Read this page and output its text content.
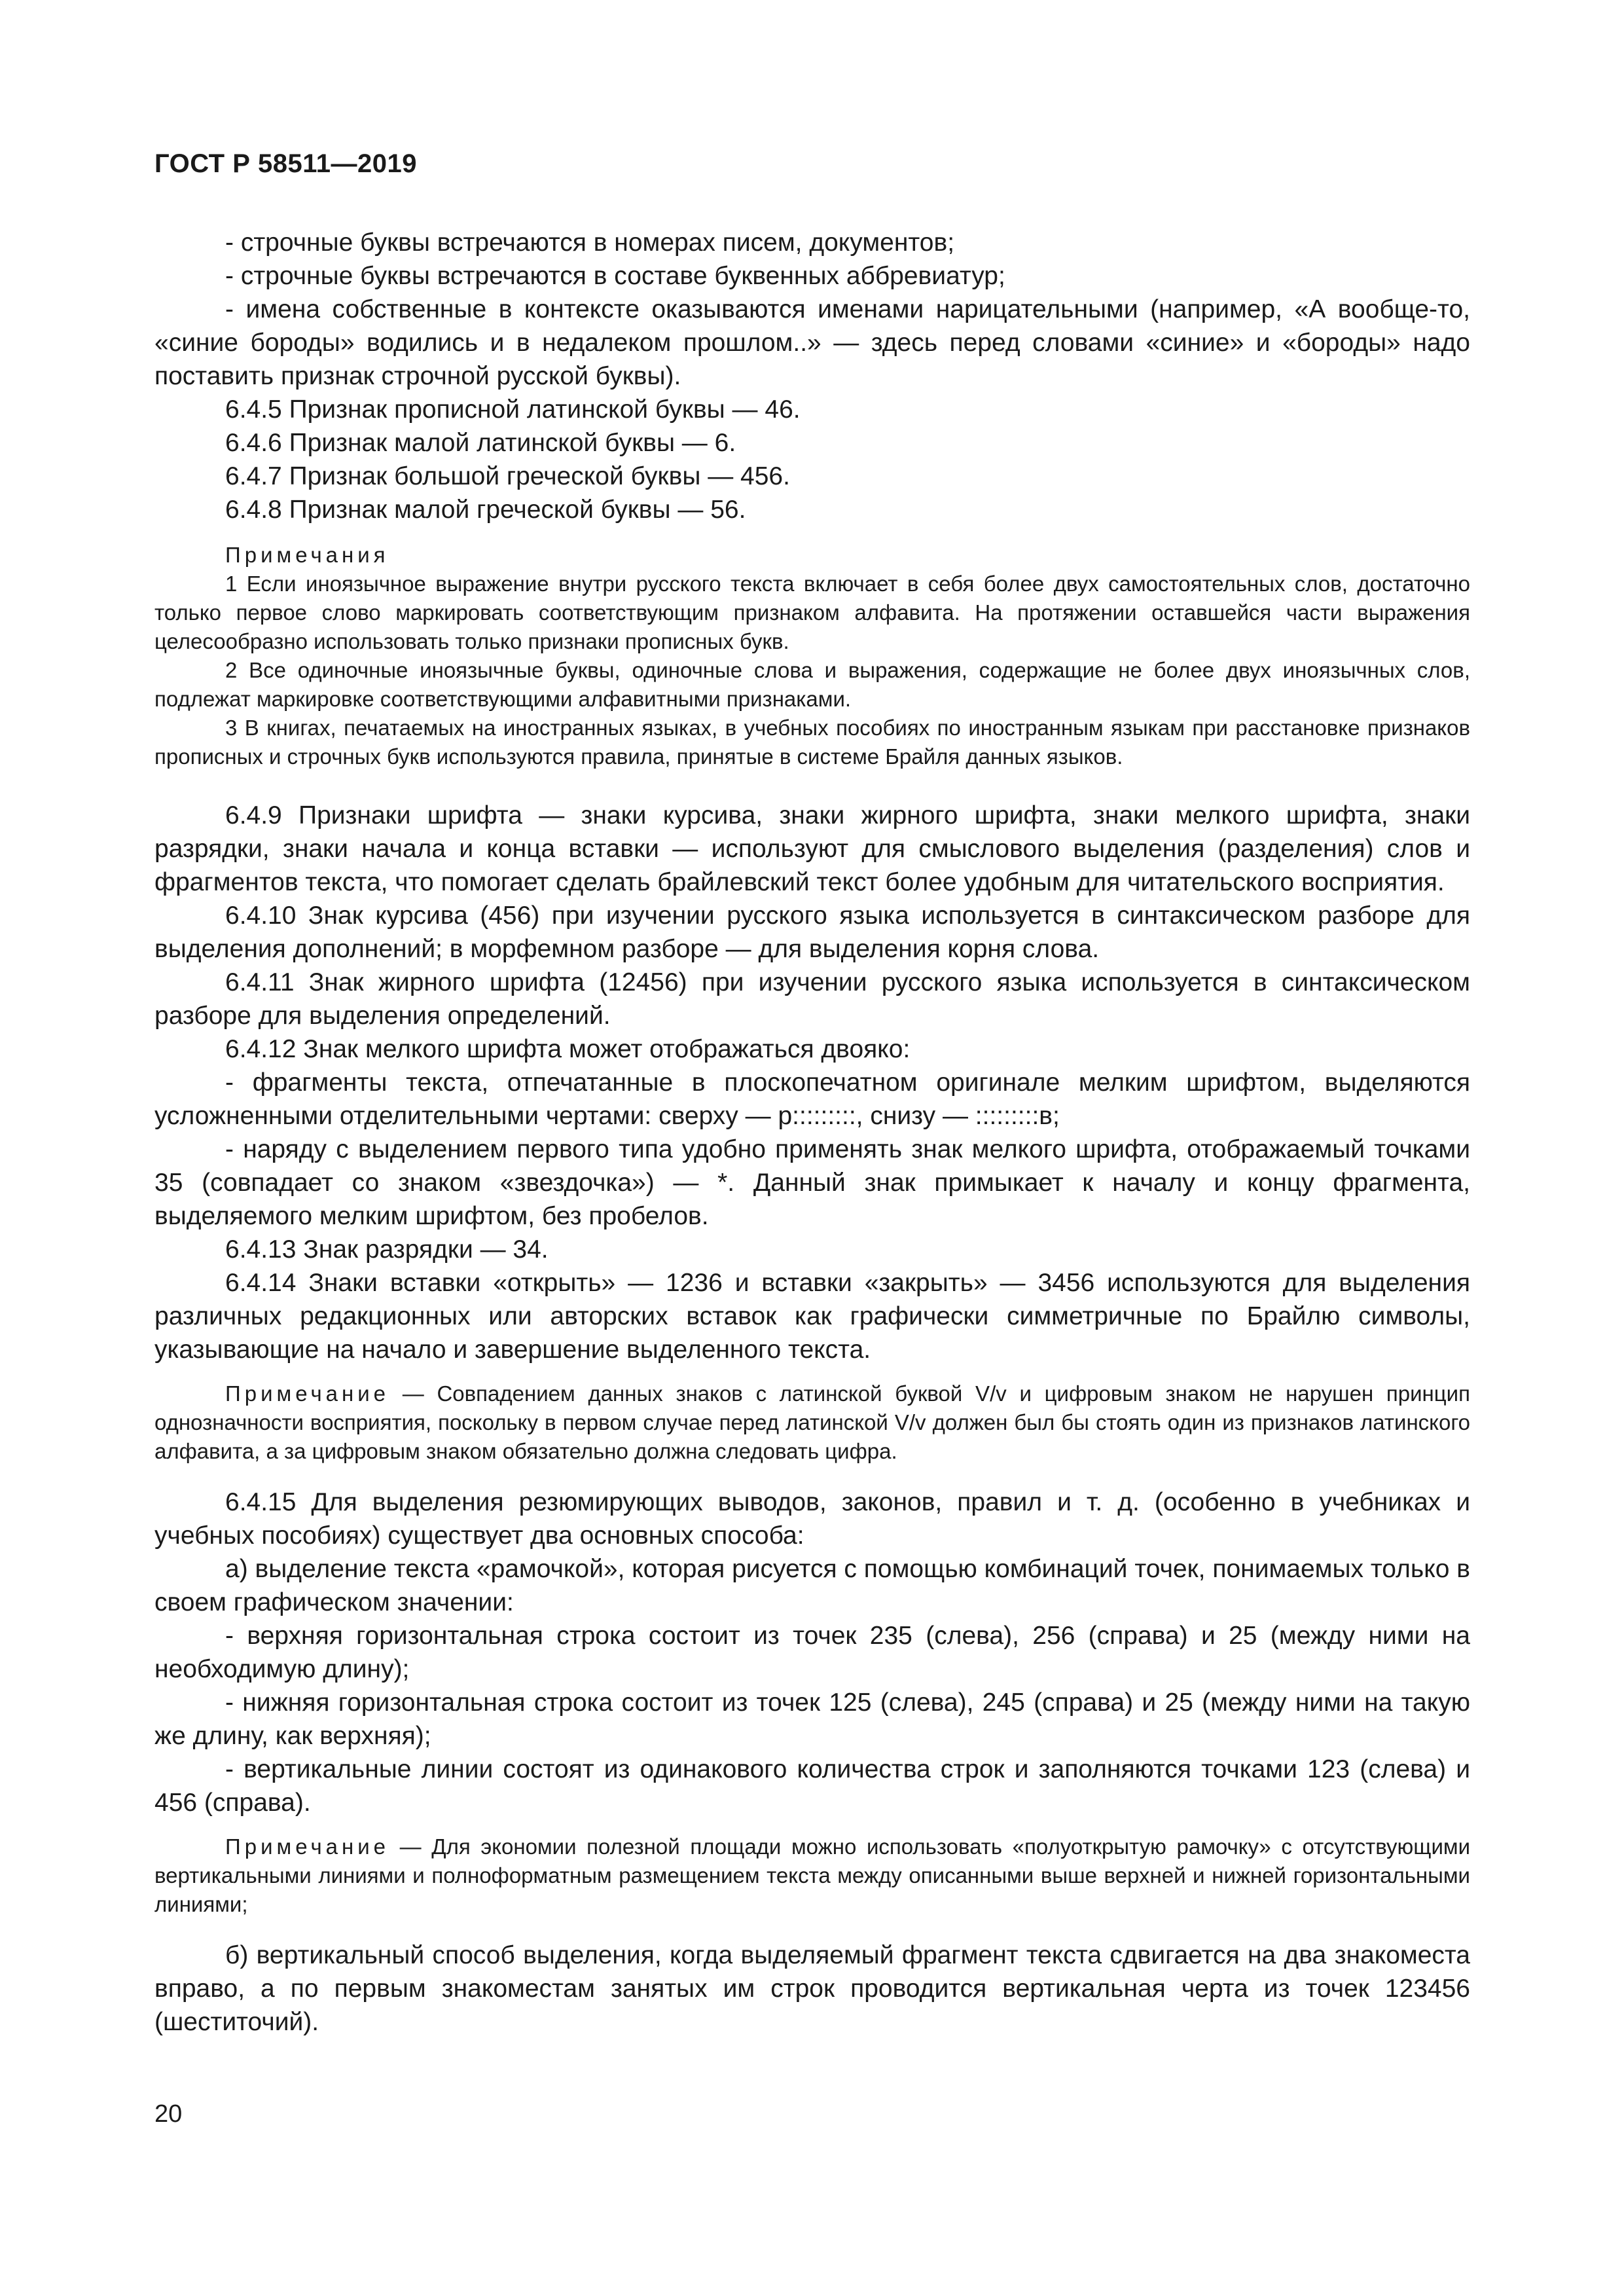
ГОСТ Р 58511—2019

- строчные буквы встречаются в номерах писем, документов;

- строчные буквы встречаются в составе буквенных аббревиатур;

- имена собственные в контексте оказываются именами нарицательными (например, «А вообще-то, «синие бороды» водились и в недалеком прошлом..» — здесь перед словами «синие» и «бороды» надо поставить признак строчной русской буквы).

6.4.5 Признак прописной латинской буквы — 46.

6.4.6 Признак малой латинской буквы — 6.

6.4.7 Признак большой греческой буквы — 456.

6.4.8 Признак малой греческой буквы — 56.

Примечания

1 Если иноязычное выражение внутри русского текста включает в себя более двух самостоятельных слов, достаточно только первое слово маркировать соответствующим признаком алфавита. На протяжении оставшейся части выражения целесообразно использовать только признаки прописных букв.

2 Все одиночные иноязычные буквы, одиночные слова и выражения, содержащие не более двух иноязычных слов, подлежат маркировке соответствующими алфавитными признаками.

3 В книгах, печатаемых на иностранных языках, в учебных пособиях по иностранным языкам при расстановке признаков прописных и строчных букв используются правила, принятые в системе Брайля данных языков.

6.4.9 Признаки шрифта — знаки курсива, знаки жирного шрифта, знаки мелкого шрифта, знаки разрядки, знаки начала и конца вставки — используют для смыслового выделения (разделения) слов и фрагментов текста, что помогает сделать брайлевский текст более удобным для читательского восприятия.

6.4.10 Знак курсива (456) при изучении русского языка используется в синтаксическом разборе для выделения дополнений; в морфемном разборе — для выделения корня слова.

6.4.11 Знак жирного шрифта (12456) при изучении русского языка используется в синтаксическом разборе для выделения определений.

6.4.12 Знак мелкого шрифта может отображаться двояко:

- фрагменты текста, отпечатанные в плоскопечатном оригинале мелким шрифтом, выделяются усложненными отделительными чертами: сверху — р:::::::::, снизу — :::::::::в;

- наряду с выделением первого типа удобно применять знак мелкого шрифта, отображаемый точками 35 (совпадает со знаком «звездочка») — *. Данный знак примыкает к началу и концу фрагмента, выделяемого мелким шрифтом, без пробелов.

6.4.13 Знак разрядки — 34.

6.4.14 Знаки вставки «открыть» — 1236 и вставки «закрыть» — 3456 используются для выделения различных редакционных или авторских вставок как графически симметричные по Брайлю символы, указывающие на начало и завершение выделенного текста.

Примечание — Совпадением данных знаков с латинской буквой V/v и цифровым знаком не нарушен принцип однозначности восприятия, поскольку в первом случае перед латинской V/v должен был бы стоять один из признаков латинского алфавита, а за цифровым знаком обязательно должна следовать цифра.

6.4.15 Для выделения резюмирующих выводов, законов, правил и т. д. (особенно в учебниках и учебных пособиях) существует два основных способа:

а) выделение текста «рамочкой», которая рисуется с помощью комбинаций точек, понимаемых только в своем графическом значении:

- верхняя горизонтальная строка состоит из точек 235 (слева), 256 (справа) и 25 (между ними на необходимую длину);

- нижняя горизонтальная строка состоит из точек 125 (слева), 245 (справа) и 25 (между ними на такую же длину, как верхняя);

- вертикальные линии состоят из одинакового количества строк и заполняются точками 123 (слева) и 456 (справа).

Примечание — Для экономии полезной площади можно использовать «полуоткрытую рамочку» с отсутствующими вертикальными линиями и полноформатным размещением текста между описанными выше верхней и нижней горизонтальными линиями;

б) вертикальный способ выделения, когда выделяемый фрагмент текста сдвигается на два знакоместа вправо, а по первым знакоместам занятых им строк проводится вертикальная черта из точек 123456 (шеститочий).

20
